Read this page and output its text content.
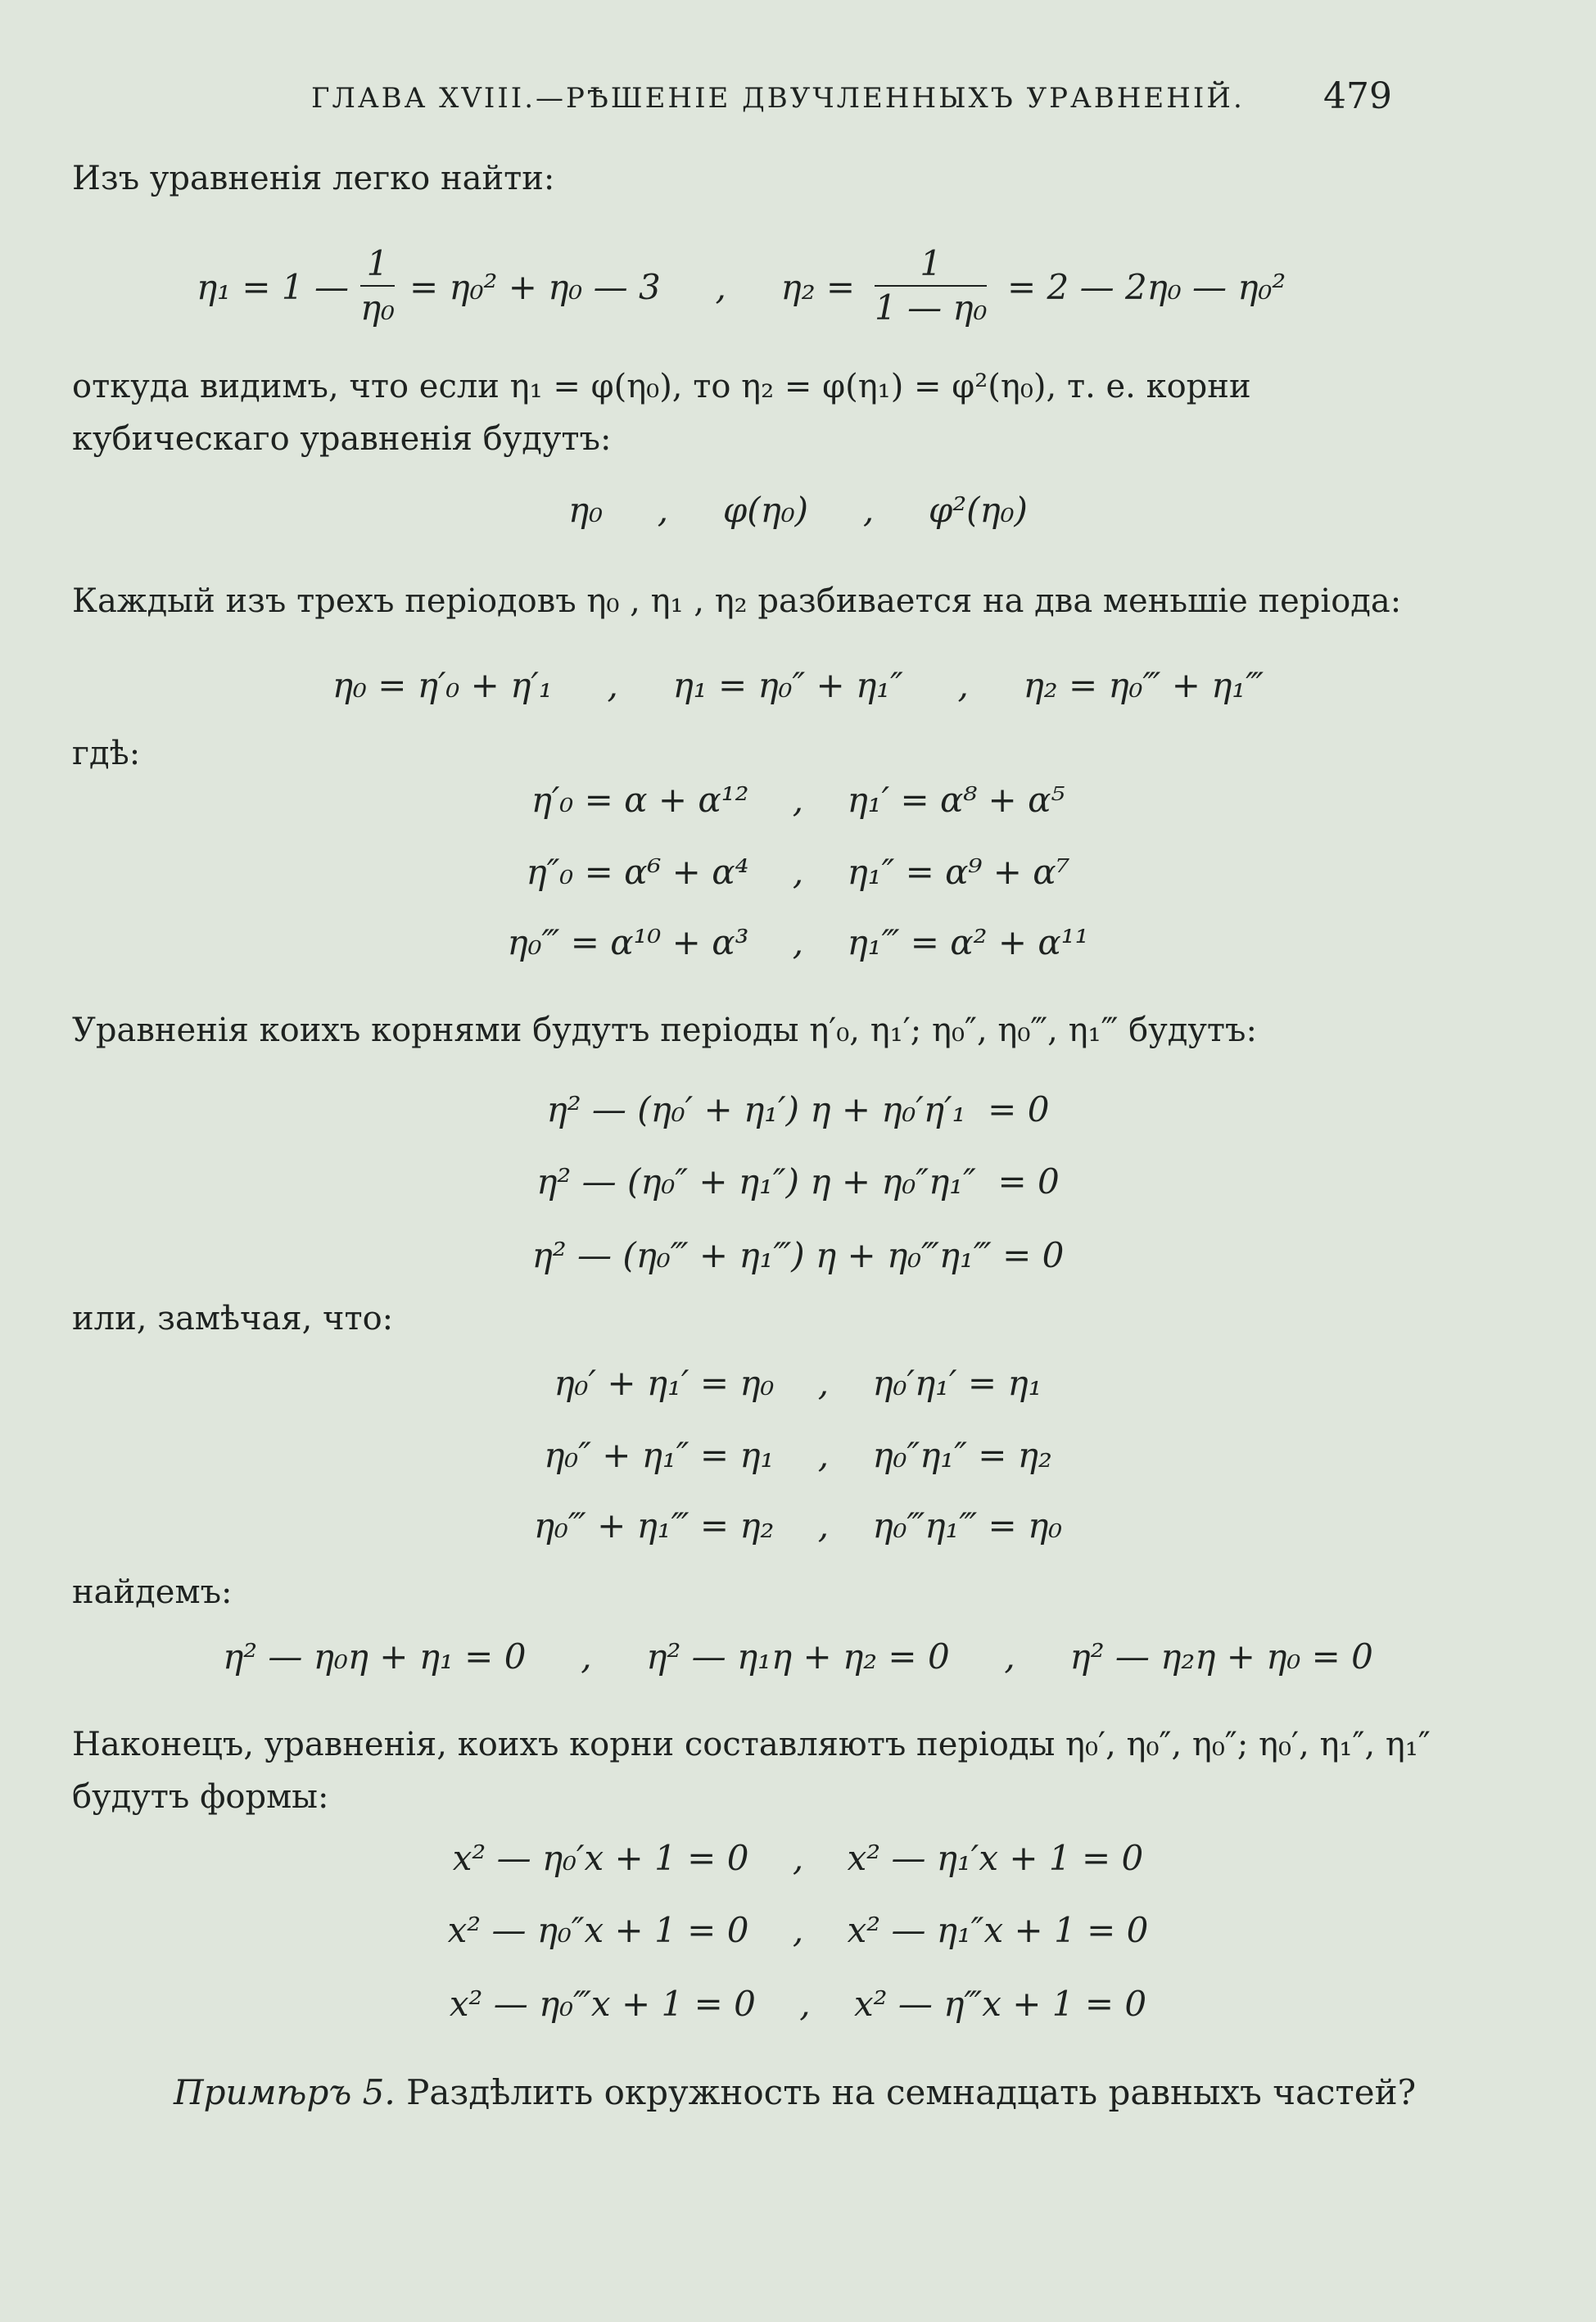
ГЛАВА XVIII.—РѢШЕНІЕ ДВУЧЛЕННЫХЪ УРАВНЕНІЙ. 479

Изъ уравненія легко найти:

η₁ = 1 —
1
η₀
= η₀² + η₀ — 3     ,     η₂ =
1
1 — η₀
= 2 — 2η₀ — η₀²

откуда видимъ, что если η₁ = φ(η₀), то η₂ = φ(η₁) = φ²(η₀), т. е. корни
кубическаго уравненія будутъ:

η₀     ,     φ(η₀)     ,     φ²(η₀)

Каждый изъ трехъ періодовъ η₀ , η₁ , η₂ разбивается на два меньшіе періода:

η₀ = η′₀ + η′₁     ,     η₁ = η₀″ + η₁″     ,     η₂ = η₀‴ + η₁‴

гдѣ:

η′₀ = α + α¹²    ,    η₁′ = α⁸ + α⁵

η″₀ = α⁶ + α⁴    ,    η₁″ = α⁹ + α⁷

η₀‴ = α¹⁰ + α³    ,    η₁‴ = α² + α¹¹

Уравненія коихъ корнями будутъ періоды η′₀, η₁′; η₀″, η₀‴, η₁‴ будутъ:

η² — (η₀′ + η₁′) η + η₀′η′₁  = 0

η² — (η₀″ + η₁″) η + η₀″η₁″  = 0

η² — (η₀‴ + η₁‴) η + η₀‴η₁‴ = 0

или, замѣчая, что:

η₀′ + η₁′ = η₀    ,    η₀′η₁′ = η₁

η₀″ + η₁″ = η₁    ,    η₀″η₁″ = η₂

η₀‴ + η₁‴ = η₂    ,    η₀‴η₁‴ = η₀

найдемъ:

η² — η₀η + η₁ = 0     ,     η² — η₁η + η₂ = 0     ,     η² — η₂η + η₀ = 0

Наконецъ, уравненія, коихъ корни составляютъ періоды η₀′, η₀″, η₀″; η₀′, η₁″, η₁″
будутъ формы:

x² — η₀′x + 1 = 0    ,    x² — η₁′x + 1 = 0

x² — η₀″x + 1 = 0    ,    x² — η₁″x + 1 = 0

x² — η₀‴x + 1 = 0    ,    x² — η‴x + 1 = 0

Примѣръ 5. Раздѣлить окружность на семнадцать равныхъ частей?
